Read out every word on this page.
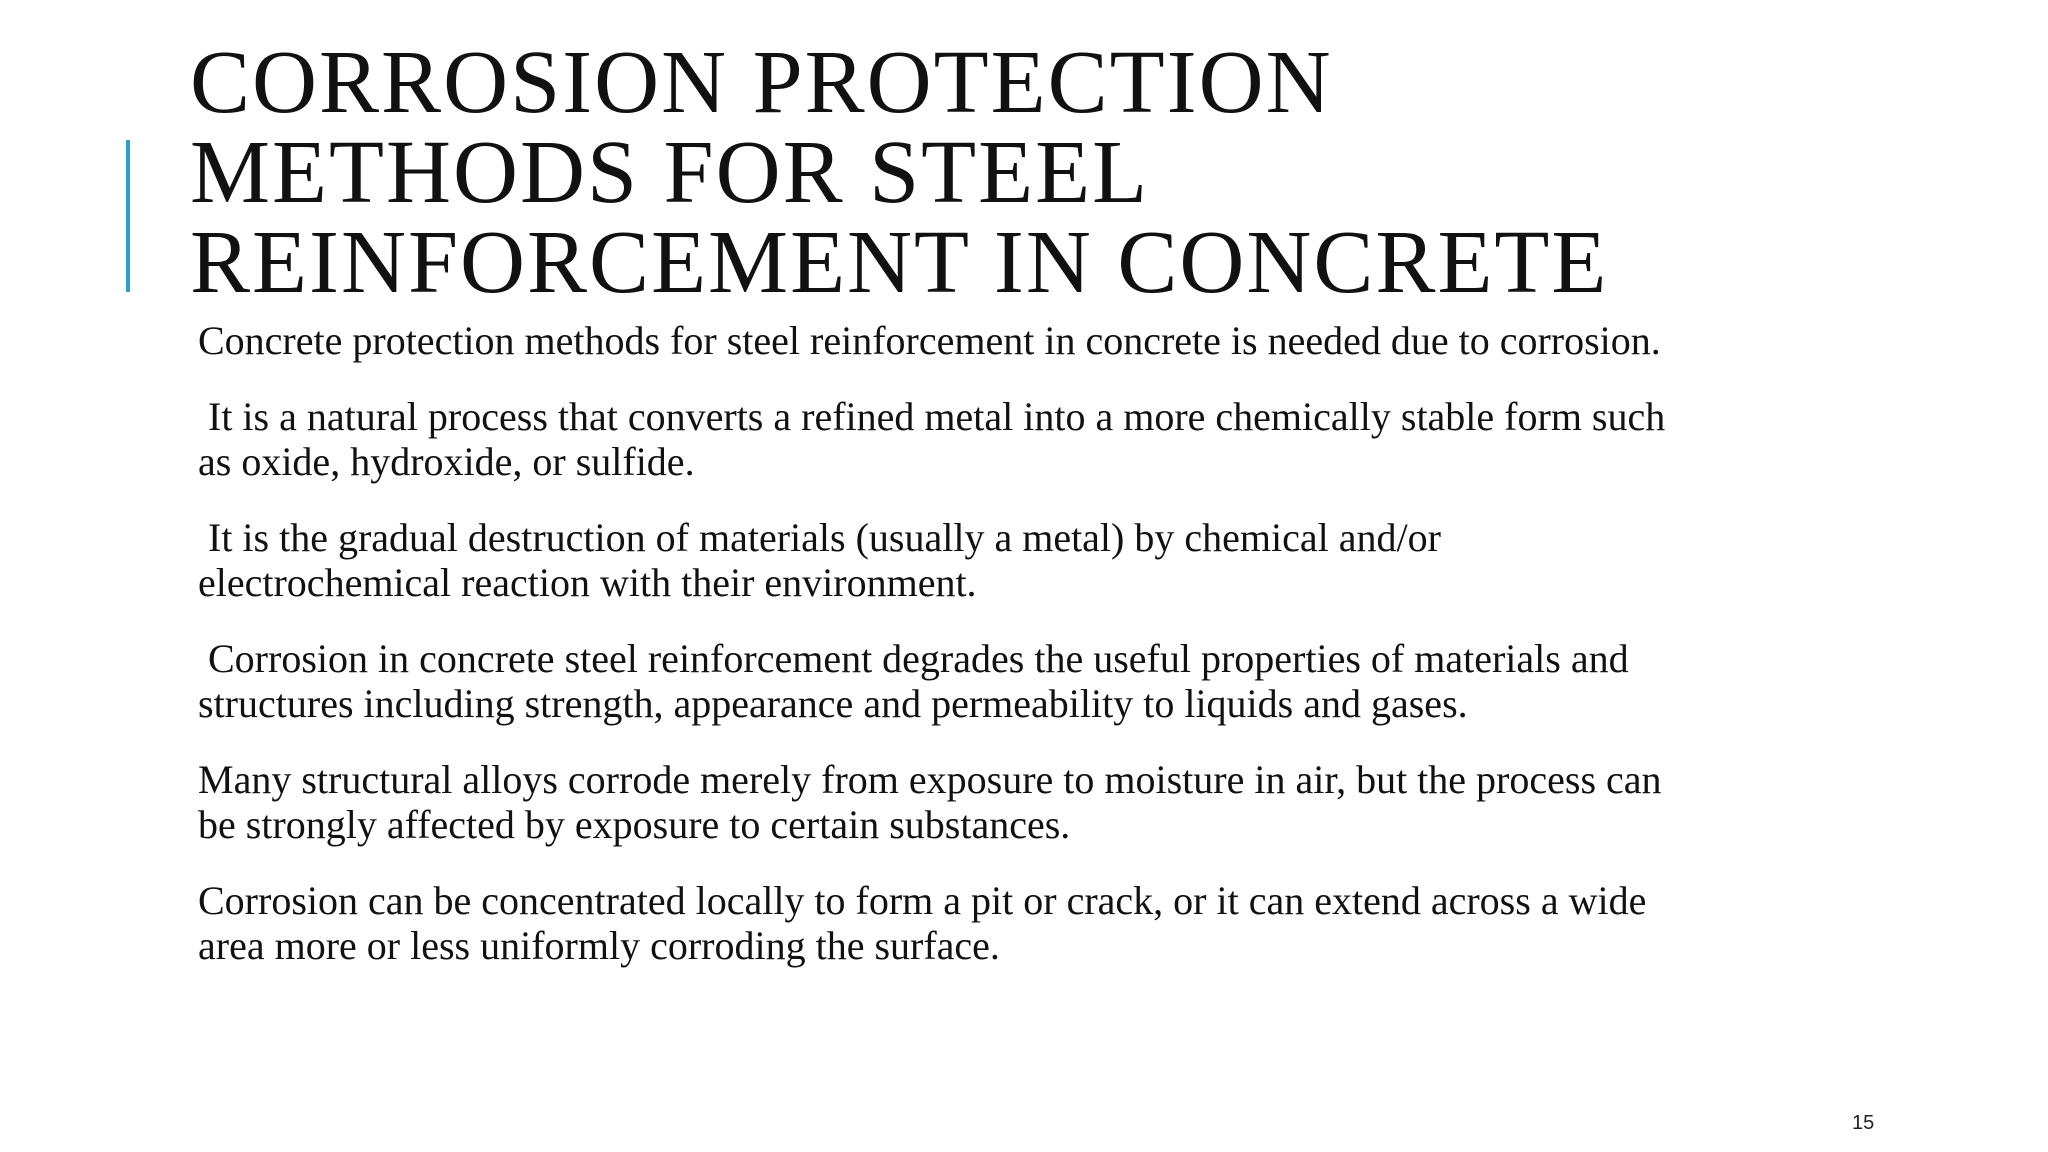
CORROSION PROTECTION
METHODS FOR STEEL
REINFORCEMENT IN CONCRETE

Concrete protection methods for steel reinforcement in concrete is needed due to corrosion.

It is a natural process that converts a refined metal into a more chemically stable form such
as oxide, hydroxide, or sulfide.

It is the gradual destruction of materials (usually a metal) by chemical and/or
electrochemical reaction with their environment.

Corrosion in concrete steel reinforcement degrades the useful properties of materials and
structures including strength, appearance and permeability to liquids and gases.

Many structural alloys corrode merely from exposure to moisture in air, but the process can
be strongly affected by exposure to certain substances.

Corrosion can be concentrated locally to form a pit or crack, or it can extend across a wide
area more or less uniformly corroding the surface.

15
